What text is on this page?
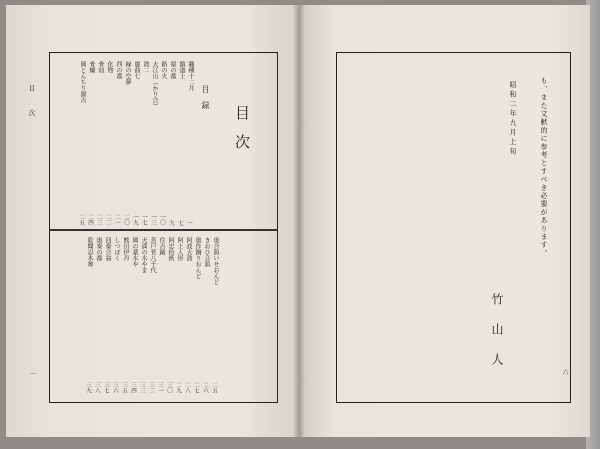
目次
一
も、また文献的に参考とすべき必要があります。
昭和二年九月上旬
竹山人	六
目次
目録
職種十二月
一
鎮道土
七
猿の都
九
路の火
一〇
大江山（かり合）
一三
鼓二
一七
愚曲七
一九
縁の空夢
二〇
西の都
二一
化物
二二
骨皿
二三
骨螺
二四
岡とんちり源吉
二五
奥合頭いせおんど
二五
きおひ音頭
二六
奥作鍋りおんど
二七
阿波大鼓
二八
阿土人形
二九
阿忠拾紙
三〇
住吉踊
三一
善戸菅八千代
三二
天満の水やま
三三
岡の薬水や
三四
熊田伊丹
三五
しつぽく
三六
回奏合翁
三七
奥奏の都
三八
乾聞忍木舞
三九
